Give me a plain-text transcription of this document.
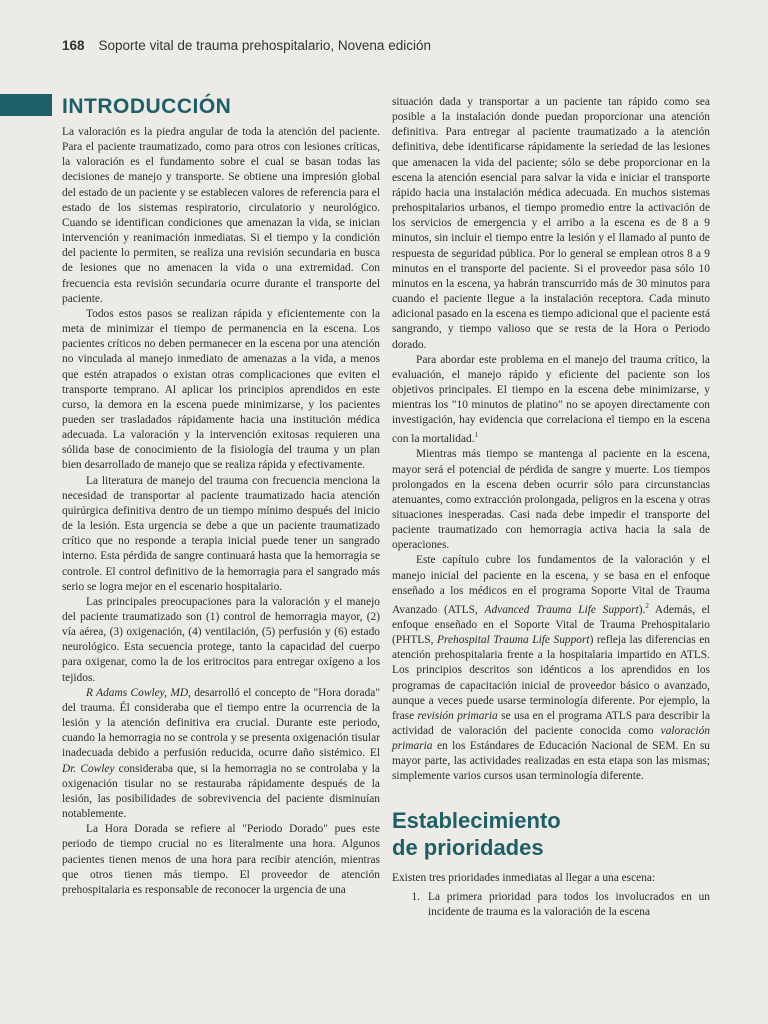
168 Soporte vital de trauma prehospitalario, Novena edición
INTRODUCCIÓN

La valoración es la piedra angular de toda la atención del paciente. Para el paciente traumatizado, como para otros con lesiones críticas, la valoración es el fundamento sobre el cual se basan todas las decisiones de manejo y transporte. Se obtiene una impresión global del estado de un paciente y se establecen valores de referencia para el estado de los sistemas respiratorio, circulatorio y neurológico. Cuando se identifican condiciones que amenazan la vida, se inician intervención y reanimación inmediatas. Si el tiempo y la condición del paciente lo permiten, se realiza una revisión secundaria en busca de lesiones que no amenacen la vida o una extremidad. Con frecuencia esta revisión secundaria ocurre durante el transporte del paciente.

Todos estos pasos se realizan rápida y eficientemente con la meta de minimizar el tiempo de permanencia en la escena. Los pacientes críticos no deben permanecer en la escena por una atención no vinculada al manejo inmediato de amenazas a la vida, a menos que estén atrapados o existan otras complicaciones que eviten el transporte temprano. Al aplicar los principios aprendidos en este curso, la demora en la escena puede minimizarse, y los pacientes pueden ser trasladados rápidamente hacia una institución médica adecuada. La valoración y la intervención exitosas requieren una sólida base de conocimiento de la fisiología del trauma y un plan bien desarrollado de manejo que se realiza rápida y efectivamente.

La literatura de manejo del trauma con frecuencia menciona la necesidad de transportar al paciente traumatizado hacia atención quirúrgica definitiva dentro de un tiempo mínimo después del inicio de la lesión. Esta urgencia se debe a que un paciente traumatizado crítico que no responde a terapia inicial puede tener un sangrado interno. Esta pérdida de sangre continuará hasta que la hemorragia se controle. El control definitivo de la hemorragia para el sangrado más serio se logra mejor en el escenario hospitalario.

Las principales preocupaciones para la valoración y el manejo del paciente traumatizado son (1) control de hemorragia mayor, (2) vía aérea, (3) oxigenación, (4) ventilación, (5) perfusión y (6) estado neurológico. Esta secuencia protege, tanto la capacidad del cuerpo para oxigenar, como la de los eritrocitos para entregar oxígeno a los tejidos.

R Adams Cowley, MD, desarrolló el concepto de "Hora dorada" del trauma. Él consideraba que el tiempo entre la ocurrencia de la lesión y la atención definitiva era crucial. Durante este periodo, cuando la hemorragia no se controla y se presenta oxigenación tisular inadecuada debido a perfusión reducida, ocurre daño sistémico. El Dr. Cowley consideraba que, si la hemorragia no se controlaba y la oxigenación tisular no se restauraba rápidamente después de la lesión, las posibilidades de sobrevivencia del paciente disminuían notablemente.

La Hora Dorada se refiere al "Periodo Dorado" pues este periodo de tiempo crucial no es literalmente una hora. Algunos pacientes tienen menos de una hora para recibir atención, mientras que otros tienen más tiempo. El proveedor de atención prehospitalaria es responsable de reconocer la urgencia de una

situación dada y transportar a un paciente tan rápido como sea posible a la instalación donde puedan proporcionar una atención definitiva. Para entregar al paciente traumatizado a la atención definitiva, debe identificarse rápidamente la seriedad de las lesiones que amenacen la vida del paciente; sólo se debe proporcionar en la escena la atención esencial para salvar la vida e iniciar el transporte rápido hacia una instalación médica adecuada. En muchos sistemas prehospitalarios urbanos, el tiempo promedio entre la activación de los servicios de emergencia y el arribo a la escena es de 8 a 9 minutos, sin incluir el tiempo entre la lesión y el llamado al punto de respuesta de seguridad pública. Por lo general se emplean otros 8 a 9 minutos en el transporte del paciente. Si el proveedor pasa sólo 10 minutos en la escena, ya habrán transcurrido más de 30 minutos para cuando el paciente llegue a la instalación receptora. Cada minuto adicional pasado en la escena es tiempo adicional que el paciente está sangrando, y tiempo valioso que se resta de la Hora o Periodo dorado.

Para abordar este problema en el manejo del trauma crítico, la evaluación, el manejo rápido y eficiente del paciente son los objetivos principales. El tiempo en la escena debe minimizarse, y mientras los "10 minutos de platino" no se apoyen directamente con investigación, hay evidencia que correlaciona el tiempo en la escena con la mortalidad.$^1$

Mientras más tiempo se mantenga al paciente en la escena, mayor será el potencial de pérdida de sangre y muerte. Los tiempos prolongados en la escena deben ocurrir sólo para circunstancias atenuantes, como extracción prolongada, peligros en la escena y otras situaciones inesperadas. Casi nada debe impedir el transporte del paciente traumatizado con hemorragia activa hacia la sala de operaciones.

Este capítulo cubre los fundamentos de la valoración y el manejo inicial del paciente en la escena, y se basa en el enfoque enseñado a los médicos en el programa Soporte Vital de Trauma Avanzado (ATLS, Advanced Trauma Life Support).$^2$ Además, el enfoque enseñado en el Soporte Vital de Trauma Prehospitalario (PHTLS, Prehospital Trauma Life Support) refleja las diferencias en atención prehospitalaria frente a la hospitalaria impartido en ATLS. Los principios descritos son idénticos a los aprendidos en los programas de capacitación inicial de proveedor básico o avanzado, aunque a veces puede usarse terminología diferente. Por ejemplo, la frase revisión primaria se usa en el programa ATLS para describir la actividad de valoración del paciente conocida como valoración primaria en los Estándares de Educación Nacional de SEM. En su mayor parte, las actividades realizadas en esta etapa son las mismas; simplemente varios cursos usan terminología diferente.

Establecimiento
de prioridades

Existen tres prioridades inmediatas al llegar a una escena:

1. La primera prioridad para todos los involucrados en un incidente de trauma es la valoración de la escena
